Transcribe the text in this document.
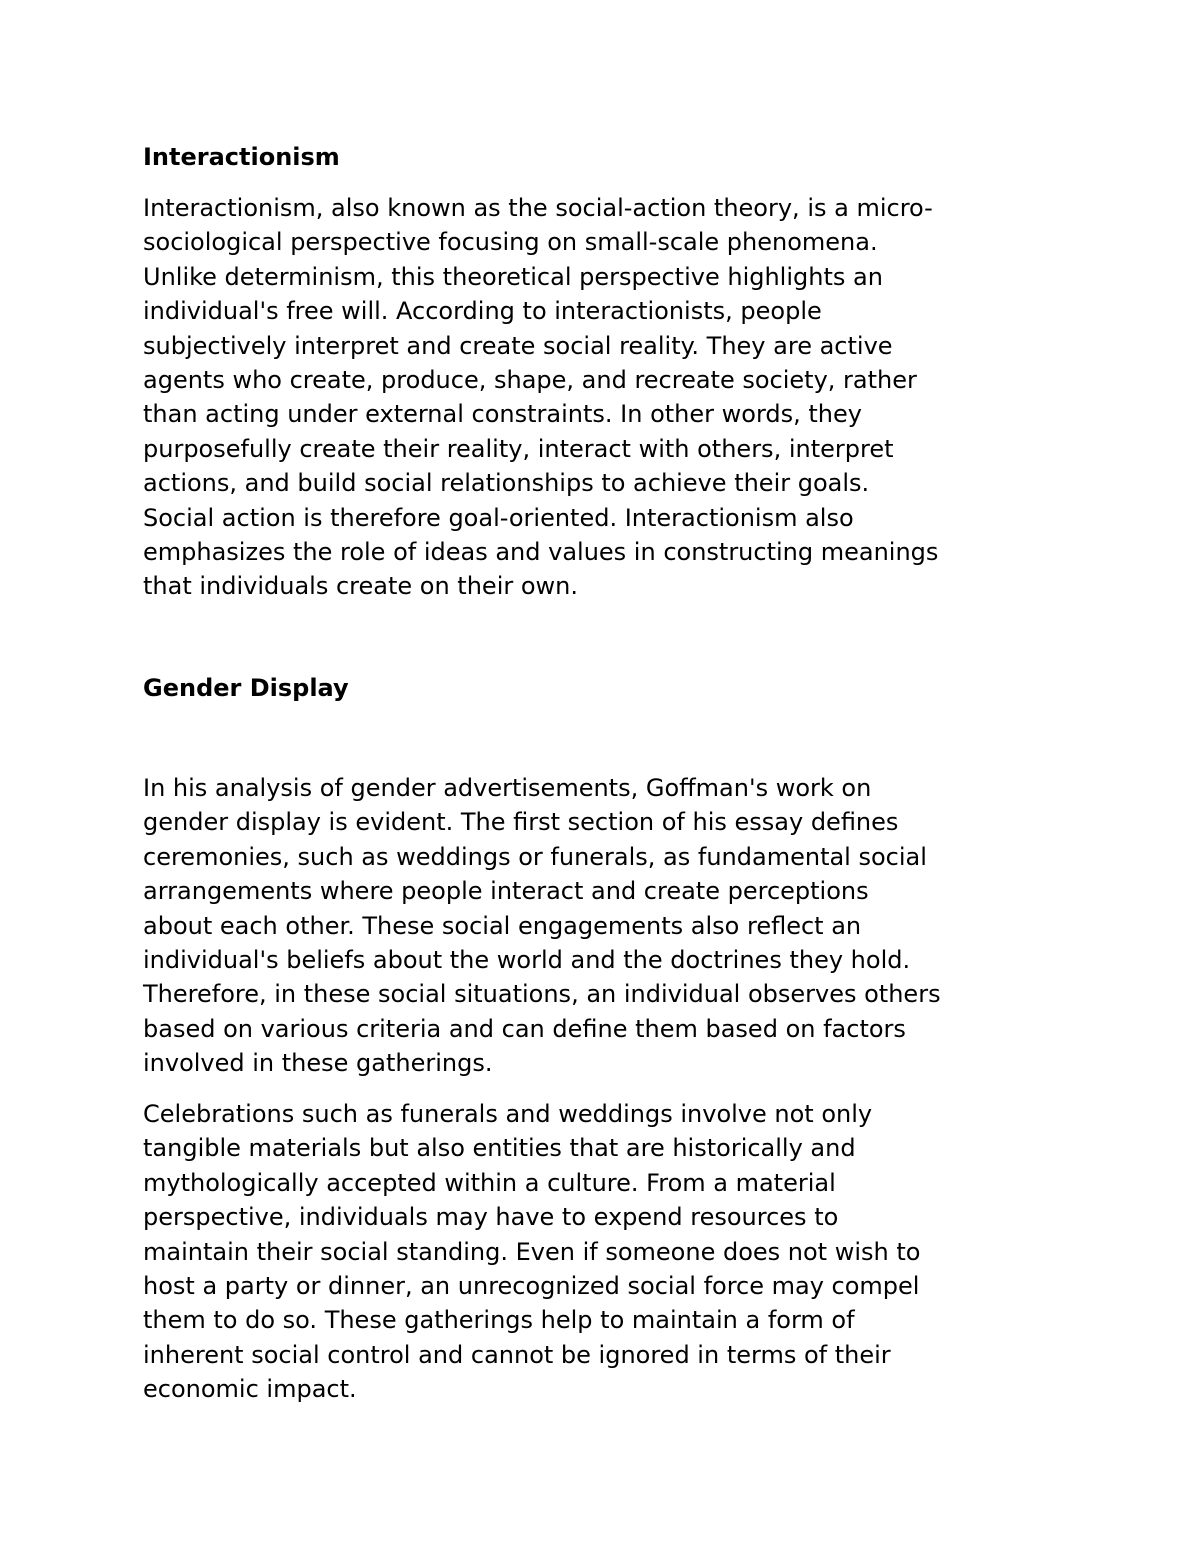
Interactionism

Interactionism, also known as the social-action theory, is a micro-
sociological perspective focusing on small-scale phenomena.
Unlike determinism, this theoretical perspective highlights an
individual's free will. According to interactionists, people
subjectively interpret and create social reality. They are active
agents who create, produce, shape, and recreate society, rather
than acting under external constraints. In other words, they
purposefully create their reality, interact with others, interpret
actions, and build social relationships to achieve their goals.
Social action is therefore goal-oriented. Interactionism also
emphasizes the role of ideas and values in constructing meanings
that individuals create on their own.

Gender Display

In his analysis of gender advertisements, Goffman's work on
gender display is evident. The first section of his essay defines
ceremonies, such as weddings or funerals, as fundamental social
arrangements where people interact and create perceptions
about each other. These social engagements also reflect an
individual's beliefs about the world and the doctrines they hold.
Therefore, in these social situations, an individual observes others
based on various criteria and can define them based on factors
involved in these gatherings.

Celebrations such as funerals and weddings involve not only
tangible materials but also entities that are historically and
mythologically accepted within a culture. From a material
perspective, individuals may have to expend resources to
maintain their social standing. Even if someone does not wish to
host a party or dinner, an unrecognized social force may compel
them to do so. These gatherings help to maintain a form of
inherent social control and cannot be ignored in terms of their
economic impact.
